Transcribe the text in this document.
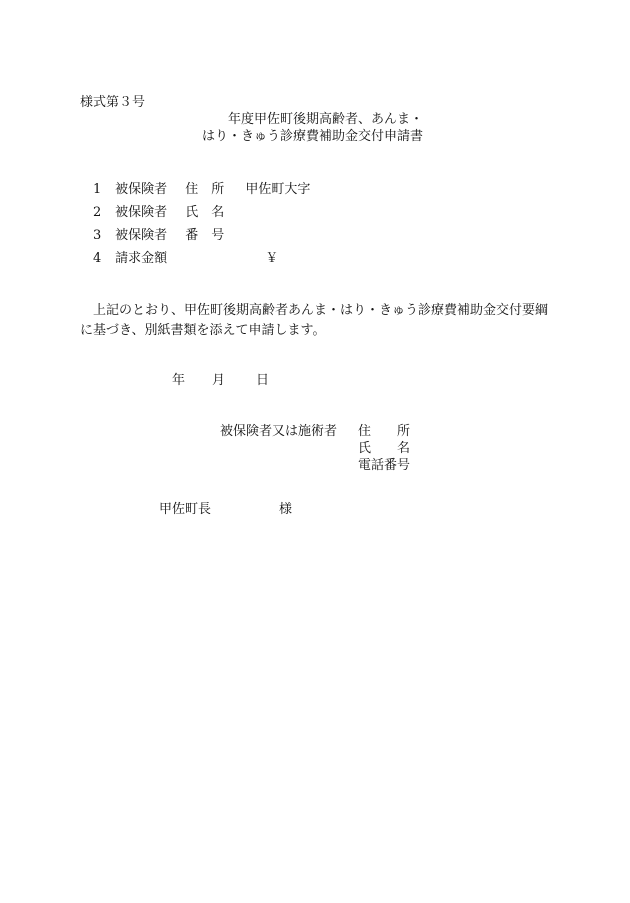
様式第３号
年度甲佐町後期高齢者、あんま・
はり・きゅう診療費補助金交付申請書
1 被保険者 住　所 甲佐町大字
2 被保険者 氏　名
3 被保険者 番　号
4 請求金額	￥
上記のとおり、甲佐町後期高齢者あんま・はり・きゅう診療費補助金交付要綱に基づき、別紙書類を添えて申請します。
年 月 日
被保険者又は施術者 住　　所
氏　　名
電話番号
甲佐町長	様
